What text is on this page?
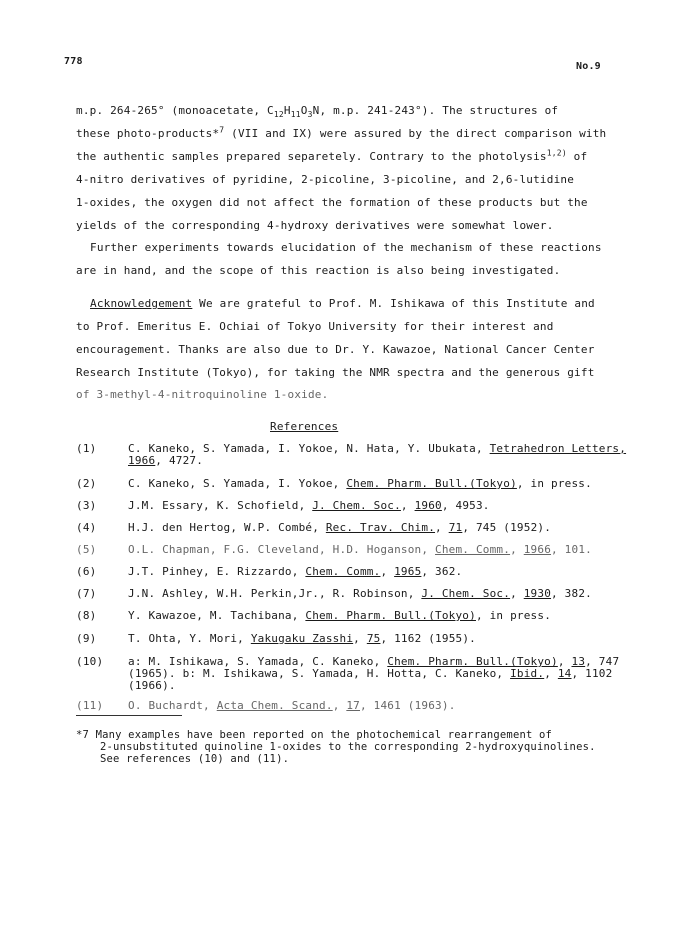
778	No.9
m.p. 264-265° (monoacetate, $C_{12}H_{11}O_3N$, m.p. 241-243°). The structures of
these photo-products*$^7$ (VII and IX) were assured by the direct comparison with
the authentic samples prepared separetely. Contrary to the photolysis$^{1,2)}$ of
4-nitro derivatives of pyridine, 2-picoline, 3-picoline, and 2,6-lutidine
1-oxides, the oxygen did not affect the formation of these products but the
yields of the corresponding 4-hydroxy derivatives were somewhat lower.
Further experiments towards elucidation of the mechanism of these reactions
are in hand, and the scope of this reaction is also being investigated.
Acknowledgement We are grateful to Prof. M. Ishikawa of this Institute and
to Prof. Emeritus E. Ochiai of Tokyo University for their interest and
encouragement. Thanks are also due to Dr. Y. Kawazoe, National Cancer Center
Research Institute (Tokyo), for taking the NMR spectra and the generous gift
of 3-methyl-4-nitroquinoline 1-oxide.
References
(1)	C. Kaneko, S. Yamada, I. Yokoe, N. Hata, Y. Ubukata, Tetrahedron Letters,
1966, 4727.
(2)	C. Kaneko, S. Yamada, I. Yokoe, Chem. Pharm. Bull.(Tokyo), in press.
(3)	J.M. Essary, K. Schofield, J. Chem. Soc., 1960, 4953.
(4)	H.J. den Hertog, W.P. Combé, Rec. Trav. Chim., 71, 745 (1952).
(5)	O.L. Chapman, F.G. Cleveland, H.D. Hoganson, Chem. Comm., 1966, 101.
(6)	J.T. Pinhey, E. Rizzardo, Chem. Comm., 1965, 362.
(7)	J.N. Ashley, W.H. Perkin,Jr., R. Robinson, J. Chem. Soc., 1930, 382.
(8)	Y. Kawazoe, M. Tachibana, Chem. Pharm. Bull.(Tokyo), in press.
(9)	T. Ohta, Y. Mori, Yakugaku Zasshi, 75, 1162 (1955).
(10) a: M. Ishikawa, S. Yamada, C. Kaneko, Chem. Pharm. Bull.(Tokyo), 13, 747
(1965). b: M. Ishikawa, S. Yamada, H. Hotta, C. Kaneko, Ibid., 14, 1102
(1966).
(11) O. Buchardt, Acta Chem. Scand., 17, 1461 (1963).
*7 Many examples have been reported on the photochemical rearrangement of
2-unsubstituted quinoline 1-oxides to the corresponding 2-hydroxyquinolines.
See references (10) and (11).
